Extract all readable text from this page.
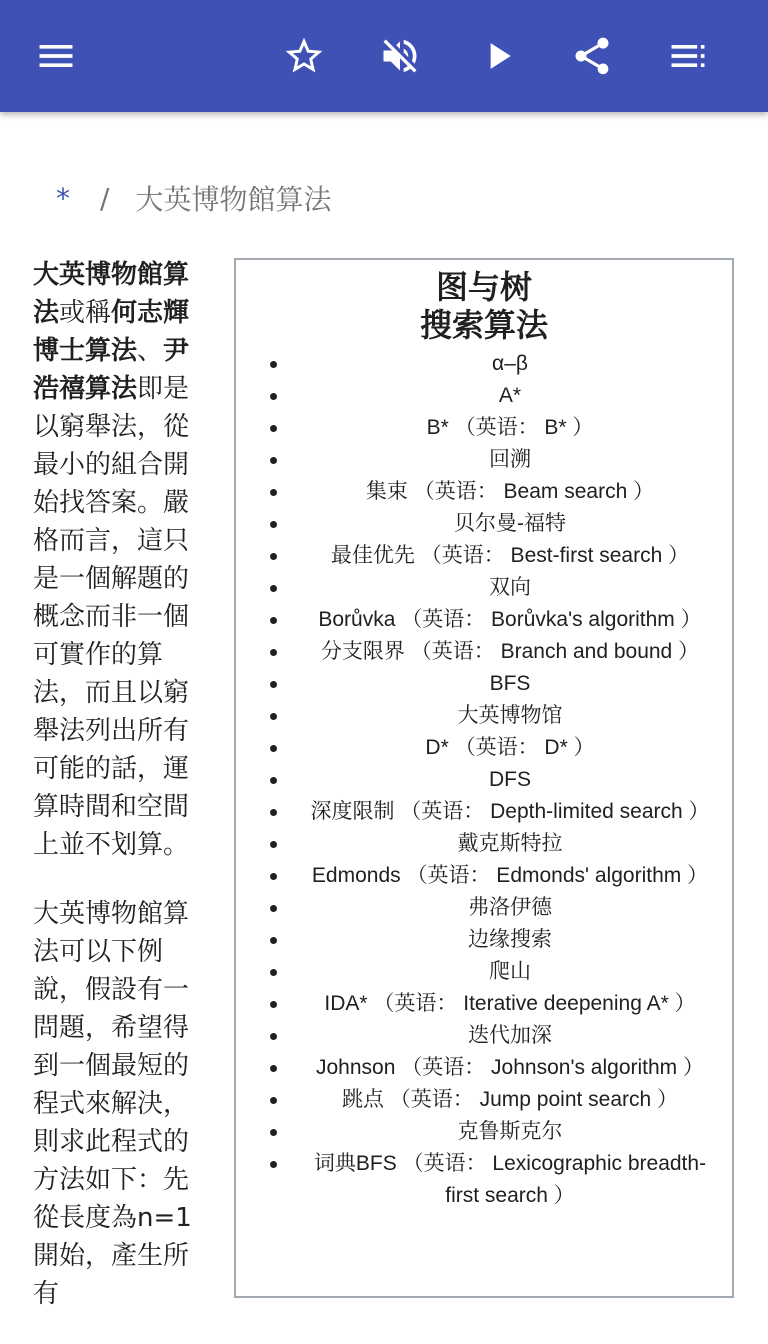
* / 大英博物館算法

大英博物館算法或稱何志輝博士算法、尹浩禧算法即是以窮舉法，從最小的組合開始找答案。嚴格而言，這只是一個解題的概念而非一個可實作的算法，而且以窮舉法列出所有可能的話，運算時間和空間上並不划算。

大英博物館算法可以下例說，假設有一問題，希望得到一個最短的程式來解決，則求此程式的方法如下：先從長度為n=1開始，產生所有

图与树
搜索算法
α–β
A*
B* （英语： B* ）
回溯
集束 （英语： Beam search ）
贝尔曼-福特
最佳优先 （英语： Best-first search ）
双向
Borůvka （英语： Borůvka's algorithm ）
分支限界 （英语： Branch and bound ）
BFS
大英博物馆
D* （英语： D* ）
DFS
深度限制 （英语： Depth-limited search ）
戴克斯特拉
Edmonds （英语： Edmonds' algorithm ）
弗洛伊德
边缘搜索
爬山
IDA* （英语： Iterative deepening A* ）
迭代加深
Johnson （英语： Johnson's algorithm ）
跳点 （英语： Jump point search ）
克鲁斯克尔
词典BFS （英语： Lexicographic breadth-first search ）
